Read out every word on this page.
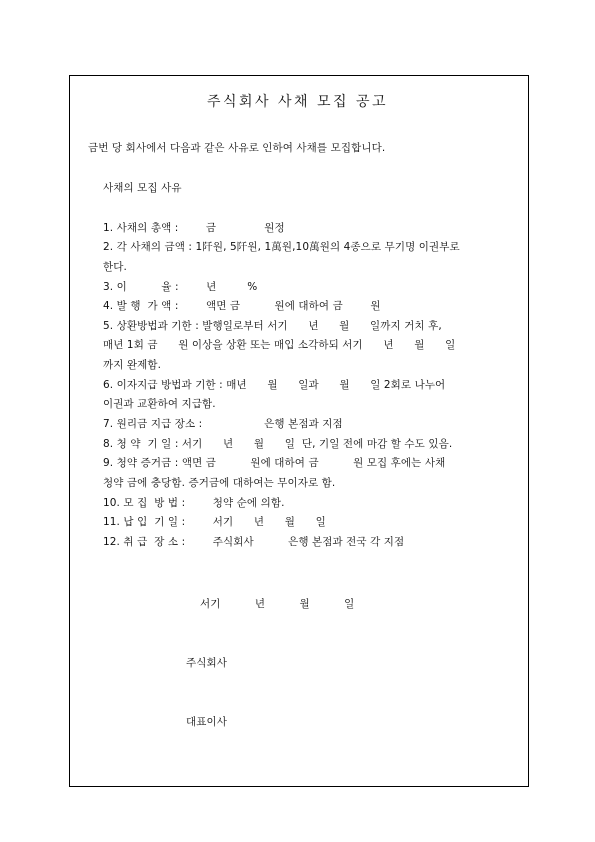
주식회사 사채 모집 공고
금번 당 회사에서 다음과 같은 사유로 인하여 사채를 모집합니다.
사채의 모집 사유
1. 사채의 총액 :        금              원정
2. 각 사채의 금액 : 1阡원, 5阡원, 1萬원,10萬원의 4종으로 무기명 이권부로
한다.
3. 이          율 :        년         %
4. 발 행  가 액 :        액면 금          원에 대하여 금        원
5. 상환방법과 기한 : 발행일로부터 서기      년      월      일까지 거치 후,
매년 1회 금      원 이상을 상환 또는 매입 소각하되 서기      년      월      일
까지 완제함.
6. 이자지급 방법과 기한 : 매년      월      일과      월      일 2회로 나누어
이권과 교환하여 지급함.
7. 원리금 지급 장소 :                  은행 본점과 지점
8. 청 약  기 일 : 서기      년      월      일  단, 기일 전에 마감 할 수도 있음.
9. 청약 증거금 : 액면 금          원에 대하여 금          원 모집 후에는 사채
청약 금에 충당함. 증거금에 대하여는 무이자로 함.
10. 모 집  방 법 :        청약 순에 의함.
11. 납 입  기 일 :        서기      년      월      일
12. 취 급  장 소 :        주식회사          은행 본점과 전국 각 지점
서기          년          월          일
주식회사
대표이사
